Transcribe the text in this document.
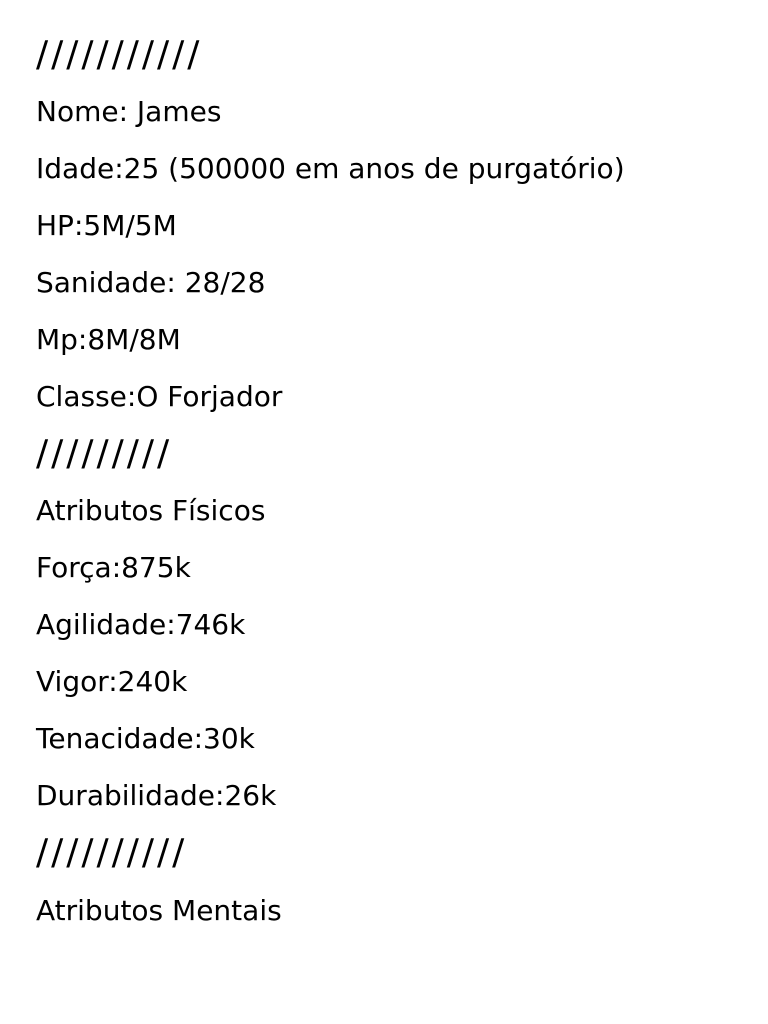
///////////
Nome: James
Idade:25 (500000 em anos de purgatório)
HP:5M/5M
Sanidade: 28/28
Mp:8M/8M
Classe:O Forjador
/////////
Atributos Físicos
Força:875k
Agilidade:746k
Vigor:240k
Tenacidade:30k
Durabilidade:26k
//////////
Atributos Mentais
